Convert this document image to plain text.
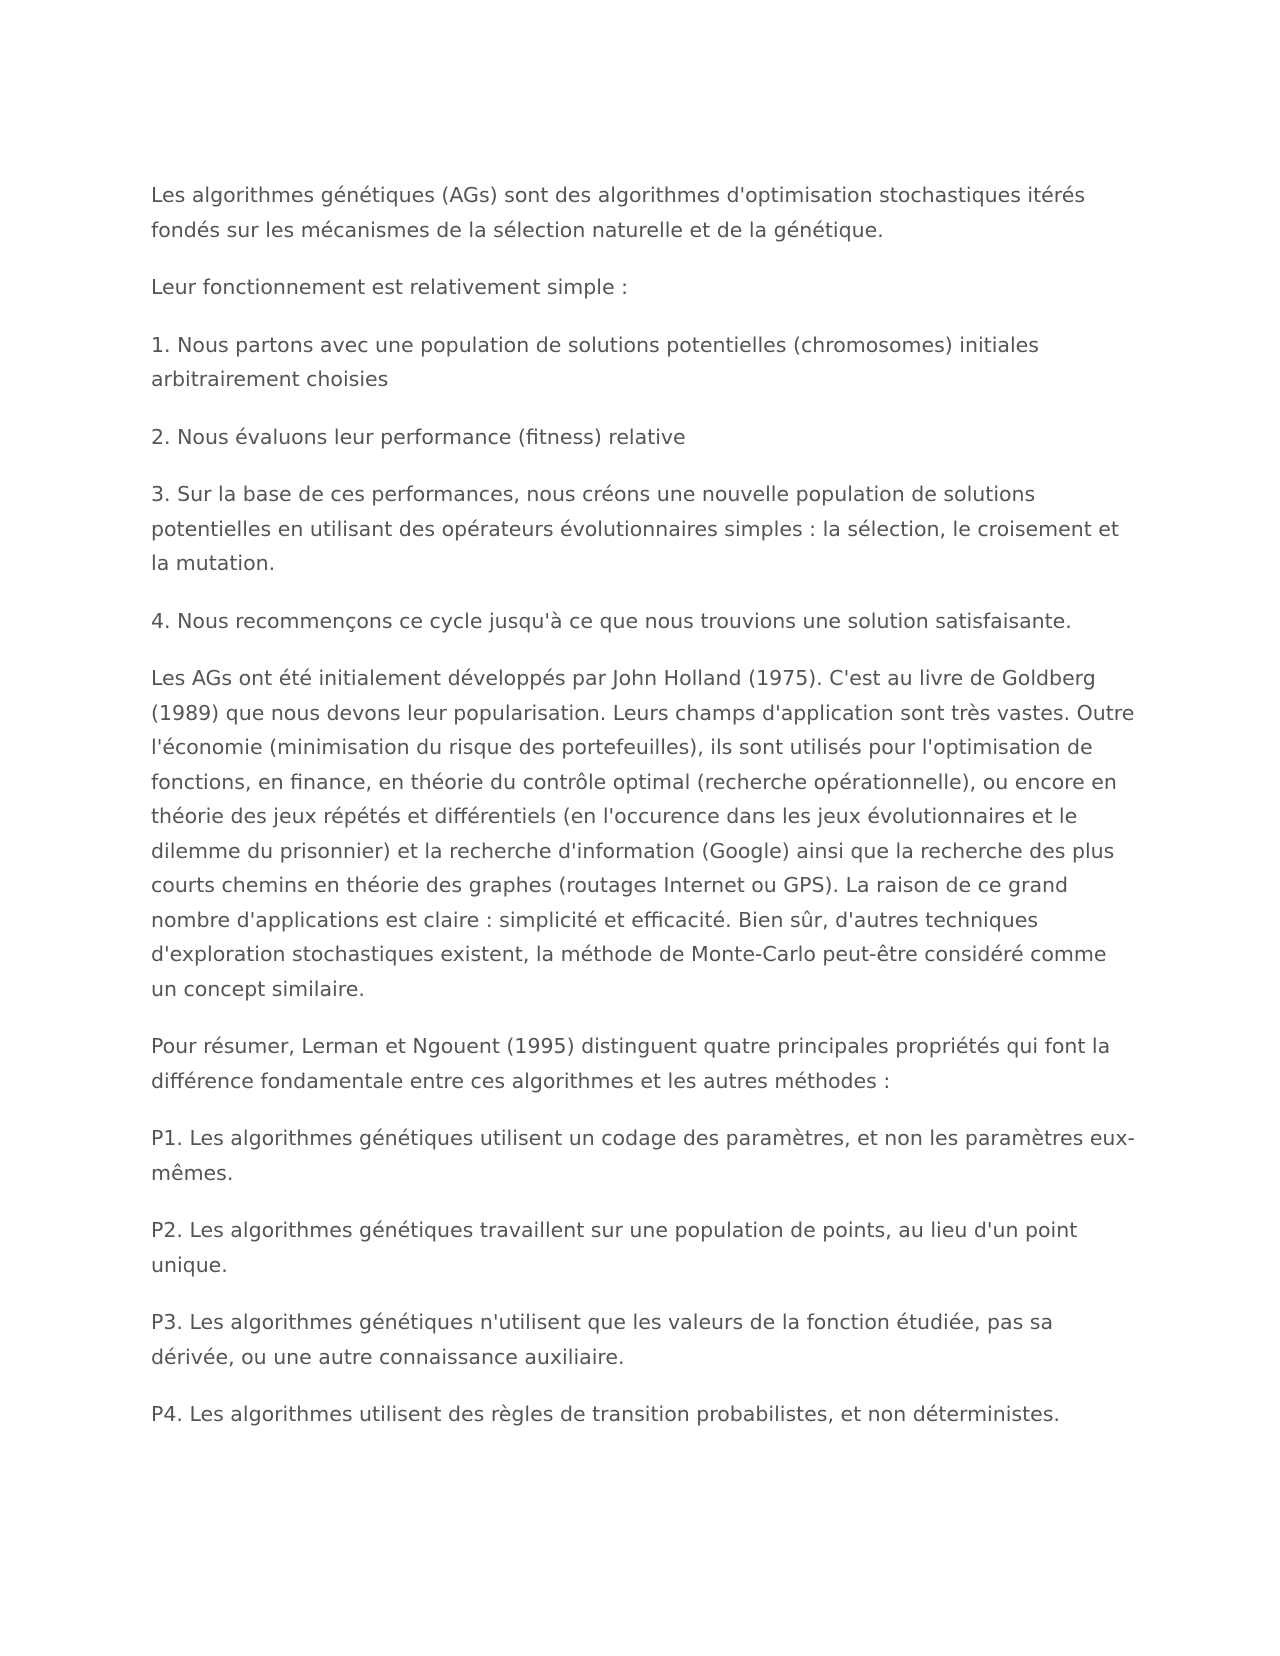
Les algorithmes génétiques (AGs) sont des algorithmes d'optimisation stochastiques itérés fondés sur les mécanismes de la sélection naturelle et de la génétique.

Leur fonctionnement est relativement simple :

1. Nous partons avec une population de solutions potentielles (chromosomes) initiales arbitrairement choisies

2. Nous évaluons leur performance (fitness) relative

3. Sur la base de ces performances, nous créons une nouvelle population de solutions potentielles en utilisant des opérateurs évolutionnaires simples : la sélection, le croisement et la mutation.

4. Nous recommençons ce cycle jusqu'à ce que nous trouvions une solution satisfaisante.

Les AGs ont été initialement développés par John Holland (1975). C'est au livre de Goldberg (1989) que nous devons leur popularisation. Leurs champs d'application sont très vastes. Outre l'économie (minimisation du risque des portefeuilles), ils sont utilisés pour l'optimisation de fonctions, en finance, en théorie du contrôle optimal (recherche opérationnelle), ou encore en théorie des jeux répétés et différentiels (en l'occurence dans les jeux évolutionnaires et le dilemme du prisonnier) et la recherche d'information (Google) ainsi que la recherche des plus courts chemins en théorie des graphes (routages Internet ou GPS). La raison de ce grand nombre d'applications est claire : simplicité et efficacité. Bien sûr, d'autres techniques d'exploration stochastiques existent, la méthode de Monte-Carlo peut-être considéré comme un concept similaire.

Pour résumer, Lerman et Ngouent (1995) distinguent quatre principales propriétés qui font la différence fondamentale entre ces algorithmes et les autres méthodes :

P1. Les algorithmes génétiques utilisent un codage des paramètres, et non les paramètres eux-mêmes.

P2. Les algorithmes génétiques travaillent sur une population de points, au lieu d'un point unique.

P3. Les algorithmes génétiques n'utilisent que les valeurs de la fonction étudiée, pas sa dérivée, ou une autre connaissance auxiliaire.

P4. Les algorithmes utilisent des règles de transition probabilistes, et non déterministes.
